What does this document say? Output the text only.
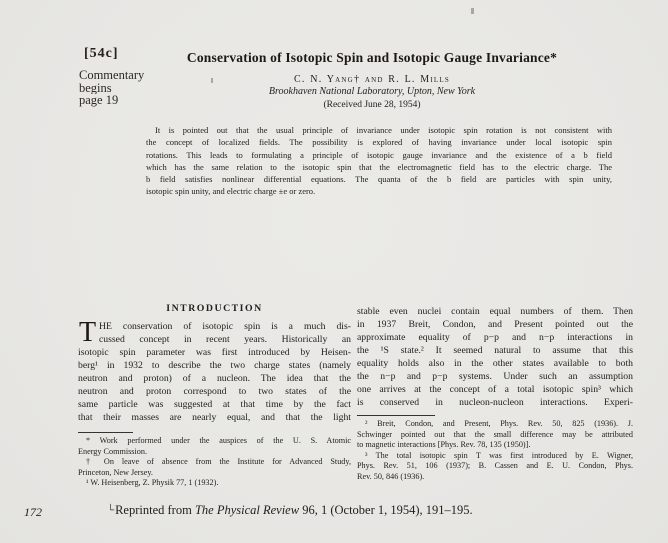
[54c]
Commentary
begins
page 19
Conservation of Isotopic Spin and Isotopic Gauge Invariance*
C. N. Yang† and R. L. Mills
Brookhaven National Laboratory, Upton, New York
(Received June 28, 1954)
It is pointed out that the usual principle of invariance under isotopic spin rotation is not consistent with
the concept of localized fields. The possibility is explored of having invariance under local isotopic spin
rotations. This leads to formulating a principle of isotopic gauge invariance and the existence of a b field
which has the same relation to the isotopic spin that the electromagnetic field has to the electric charge. The
b field satisfies nonlinear differential equations. The quanta of the b field are particles with spin unity,
isotopic spin unity, and electric charge ±e or zero.
INTRODUCTION
T HE conservation of isotopic spin is a much dis-
cussed concept in recent years. Historically an
isotopic spin parameter was first introduced by Heisen-
berg¹ in 1932 to describe the two charge states (namely
neutron and proton) of a nucleon. The idea that the
neutron and proton correspond to two states of the
same particle was suggested at that time by the fact
that their masses are nearly equal, and that the light
* Work performed under the auspices of the U. S. Atomic
Energy Commission.
† On leave of absence from the Institute for Advanced Study,
Princeton, New Jersey.
¹ W. Heisenberg, Z. Physik 77, 1 (1932).
stable even nuclei contain equal numbers of them. Then
in 1937 Breit, Condon, and Present pointed out the
approximate equality of p−p and n−p interactions in
the ¹S state.² It seemed natural to assume that this
equality holds also in the other states available to both
the n−p and p−p systems. Under such an assumption
one arrives at the concept of a total isotopic spin³ which
is conserved in nucleon-nucleon interactions. Experi-
² Breit, Condon, and Present, Phys. Rev. 50, 825 (1936). J.
Schwinger pointed out that the small difference may be attributed
to magnetic interactions [Phys. Rev. 78, 135 (1950)].
³ The total isotopic spin T was first introduced by E. Wigner,
Phys. Rev. 51, 106 (1937); B. Cassen and E. U. Condon, Phys.
Rev. 50, 846 (1936).
172	└Reprinted from The Physical Review 96, 1 (October 1, 1954), 191–195.
